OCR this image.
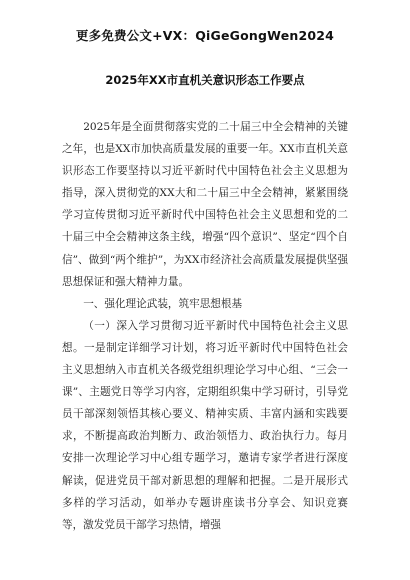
更多免费公文+VX：QiGeGongWen2024
2025年XX市直机关意识形态工作要点

2025年是全面贯彻落实党的二十届三中全会精神的关键之年，也是XX市加快高质量发展的重要一年。XX市直机关意识形态工作要坚持以习近平新时代中国特色社会主义思想为指导，深入贯彻党的XX大和二十届三中全会精神，紧紧围绕学习宣传贯彻习近平新时代中国特色社会主义思想和党的二十届三中全会精神这条主线，增强“四个意识”、坚定“四个自信”、做到“两个维护”，为XX市经济社会高质量发展提供坚强思想保证和强大精神力量。

一、强化理论武装，筑牢思想根基

（一）深入学习贯彻习近平新时代中国特色社会主义思想。一是制定详细学习计划，将习近平新时代中国特色社会主义思想纳入市直机关各级党组织理论学习中心组、“三会一课”、主题党日等学习内容，定期组织集中学习研讨，引导党员干部深刻领悟其核心要义、精神实质、丰富内涵和实践要求，不断提高政治判断力、政治领悟力、政治执行力。每月安排一次理论学习中心组专题学习，邀请专家学者进行深度解读，促进党员干部对新思想的理解和把握。二是开展形式多样的学习活动，如举办专题讲座读书分享会、知识竞赛等，激发党员干部学习热情，增强
